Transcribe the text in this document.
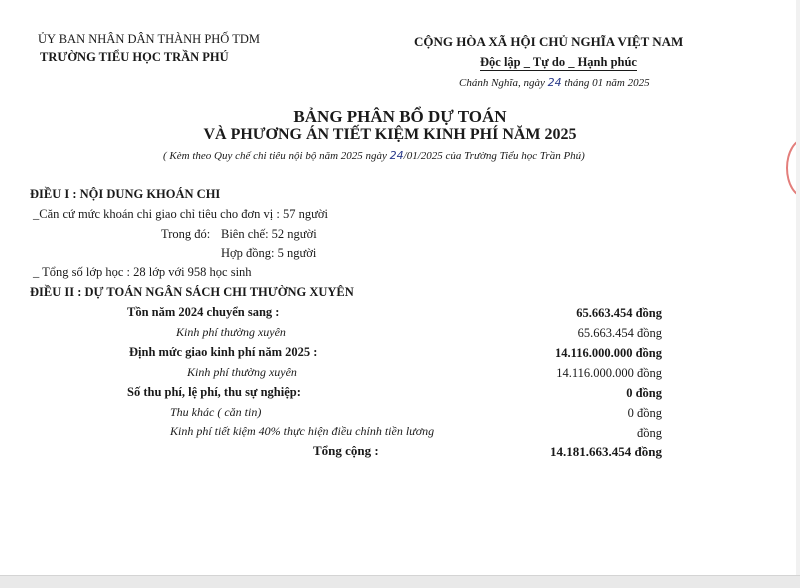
ỦY BAN NHÂN DÂN THÀNH PHỐ TDM
TRƯỜNG TIỂU HỌC TRẦN PHÚ
CỘNG HÒA XÃ HỘI CHỦ NGHĨA VIỆT NAM
Độc lập _ Tự do _ Hạnh phúc
Chánh Nghĩa, ngày 24 tháng 01 năm 2025
BẢNG PHÂN BỔ DỰ TOÁN
VÀ PHƯƠNG ÁN TIẾT KIỆM KINH PHÍ NĂM 2025
( Kèm theo Quy chế chi tiêu nội bộ năm 2025 ngày 24/01/2025 của Trường Tiểu học Trần Phú)
ĐIỀU I : NỘI DUNG KHOÁN CHI
_Căn cứ mức khoán chi giao chỉ tiêu cho đơn vị : 57 người
Trong đó: Biên chế: 52 người
Hợp đồng: 5 người
_ Tổng số lớp học : 28 lớp với 958 học sinh
ĐIỀU II : DỰ TOÁN NGÂN SÁCH CHI THƯỜNG XUYÊN
Tồn năm 2024 chuyển sang :	65.663.454 đồng
Kinh phí thường xuyên	65.663.454 đồng
Định mức giao kinh phí năm 2025 :	14.116.000.000 đồng
Kinh phí thường xuyên	14.116.000.000 đồng
Số thu phí, lệ phí, thu sự nghiệp:	0 đồng
Thu khác ( căn tin)	0 đồng
Kinh phí tiết kiệm 40% thực hiện điều chỉnh tiền lương	đồng
Tổng cộng :	14.181.663.454 đồng
